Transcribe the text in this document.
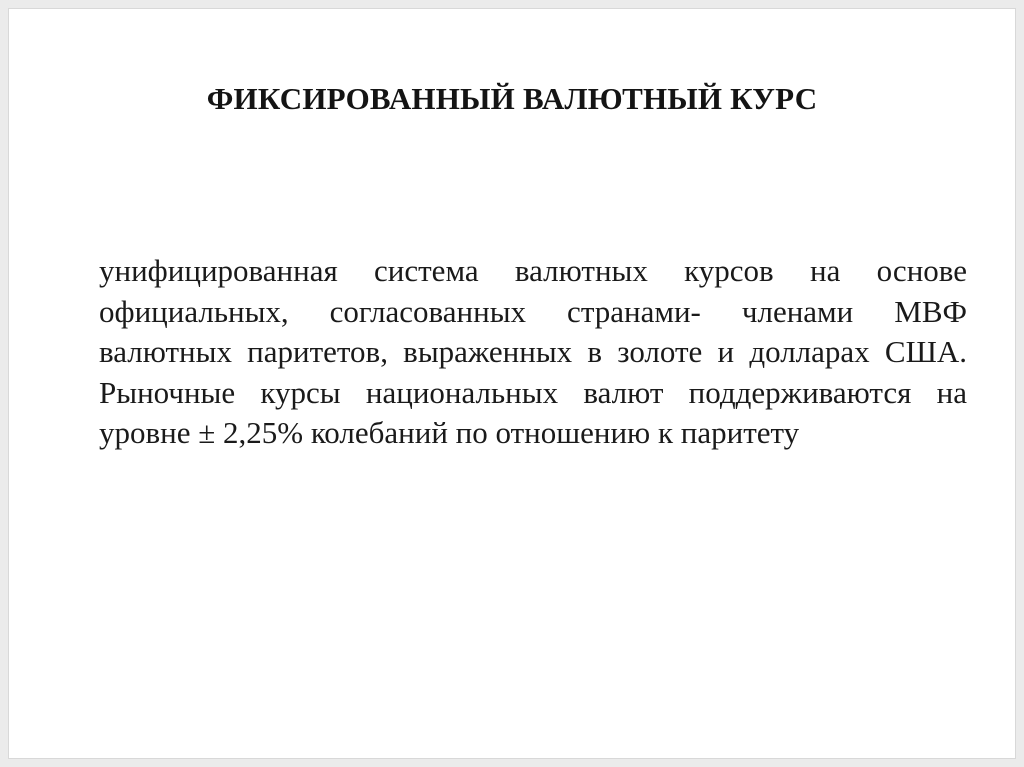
ФИКСИРОВАННЫЙ ВАЛЮТНЫЙ КУРС

унифицированная система валютных курсов на основе официальных, согласованных странами- членами МВФ валютных паритетов, выраженных в золоте и долларах США. Рыночные курсы национальных валют поддерживаются на уровне ± 2,25% колебаний по отношению к паритету
